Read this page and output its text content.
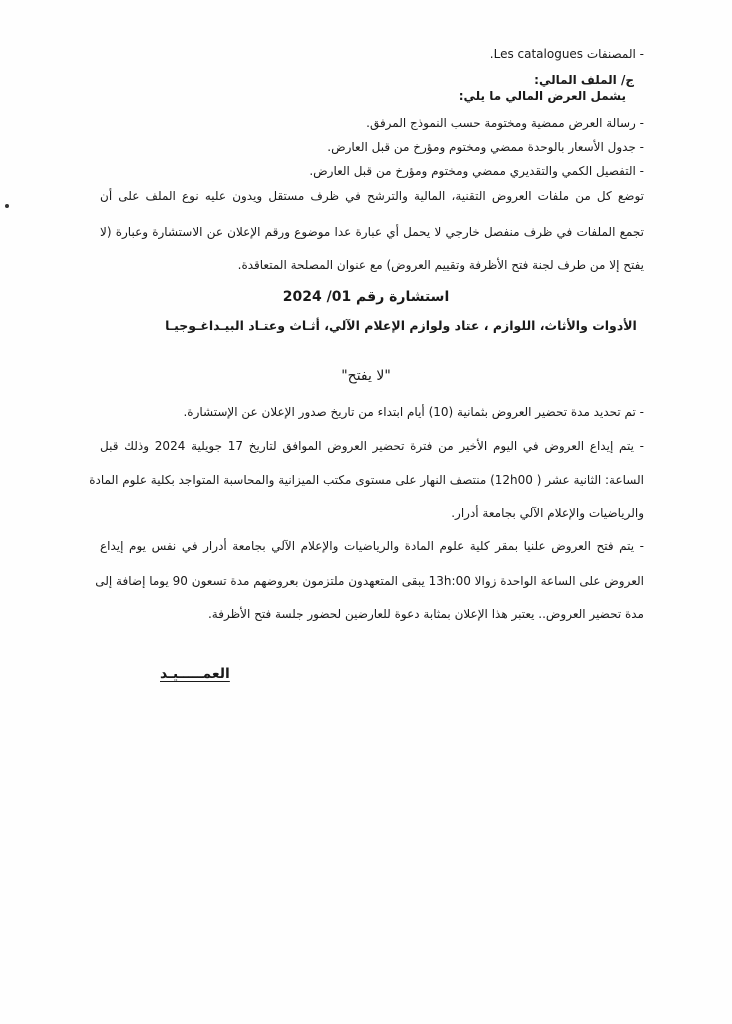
- المصنفات Les catalogues.
ج/ الملف المالي:
يشمل العرض المالي ما يلي:
- رسالة العرض ممضية ومختومة حسب النموذج المرفق.
- جدول الأسعار بالوحدة ممضي ومختوم ومؤرخ من قبل العارض.
- التفصيل الكمي والتقديري ممضي ومختوم ومؤرخ من قبل العارض.
توضع كل من ملفات العروض التقنية، المالية والترشح في ظرف مستقل ويدون عليه نوع الملف على أن
تجمع الملفات في ظرف منفصل خارجي لا يحمل أي عبارة عدا موضوع ورقم الإعلان عن الاستشارة وعبارة (لا
يفتح إلا من طرف لجنة فتح الأظرفة وتقييم العروض) مع عنوان المصلحة المتعاقدة.
استشارة رقم 01/ 2024
الأدوات والأثاث، اللوازم ، عتاد ولوازم الإعلام الآلي، أثـاث وعتـاد البيـداغـوجيـا
"لا يفتح"
- تم تحديد مدة تحضير العروض بثمانية (10) أيام ابتداء من تاريخ صدور الإعلان عن الإستشارة.
- يتم إيداع العروض في اليوم الأخير من فترة تحضير العروض الموافق لتاريخ 17 جويلية 2024 وذلك قبل
الساعة: الثانية عشر ( 12h00) منتصف النهار على مستوى مكتب الميزانية والمحاسبة المتواجد بكلية علوم المادة
والرياضيات والإعلام الآلي بجامعة أدرار.
- يتم فتح العروض علنيا بمقر كلية علوم المادة والرياضيات والإعلام الآلي بجامعة أدرار في نفس يوم إيداع
العروض على الساعة الواحدة زوالا 13h:00 يبقى المتعهدون ملتزمون بعروضهم مدة تسعون 90 يوما إضافة إلى
مدة تحضير العروض.. يعتبر هذا الإعلان بمثابة دعوة للعارضين لحضور جلسة فتح الأظرفة.
العمـــــيـد
